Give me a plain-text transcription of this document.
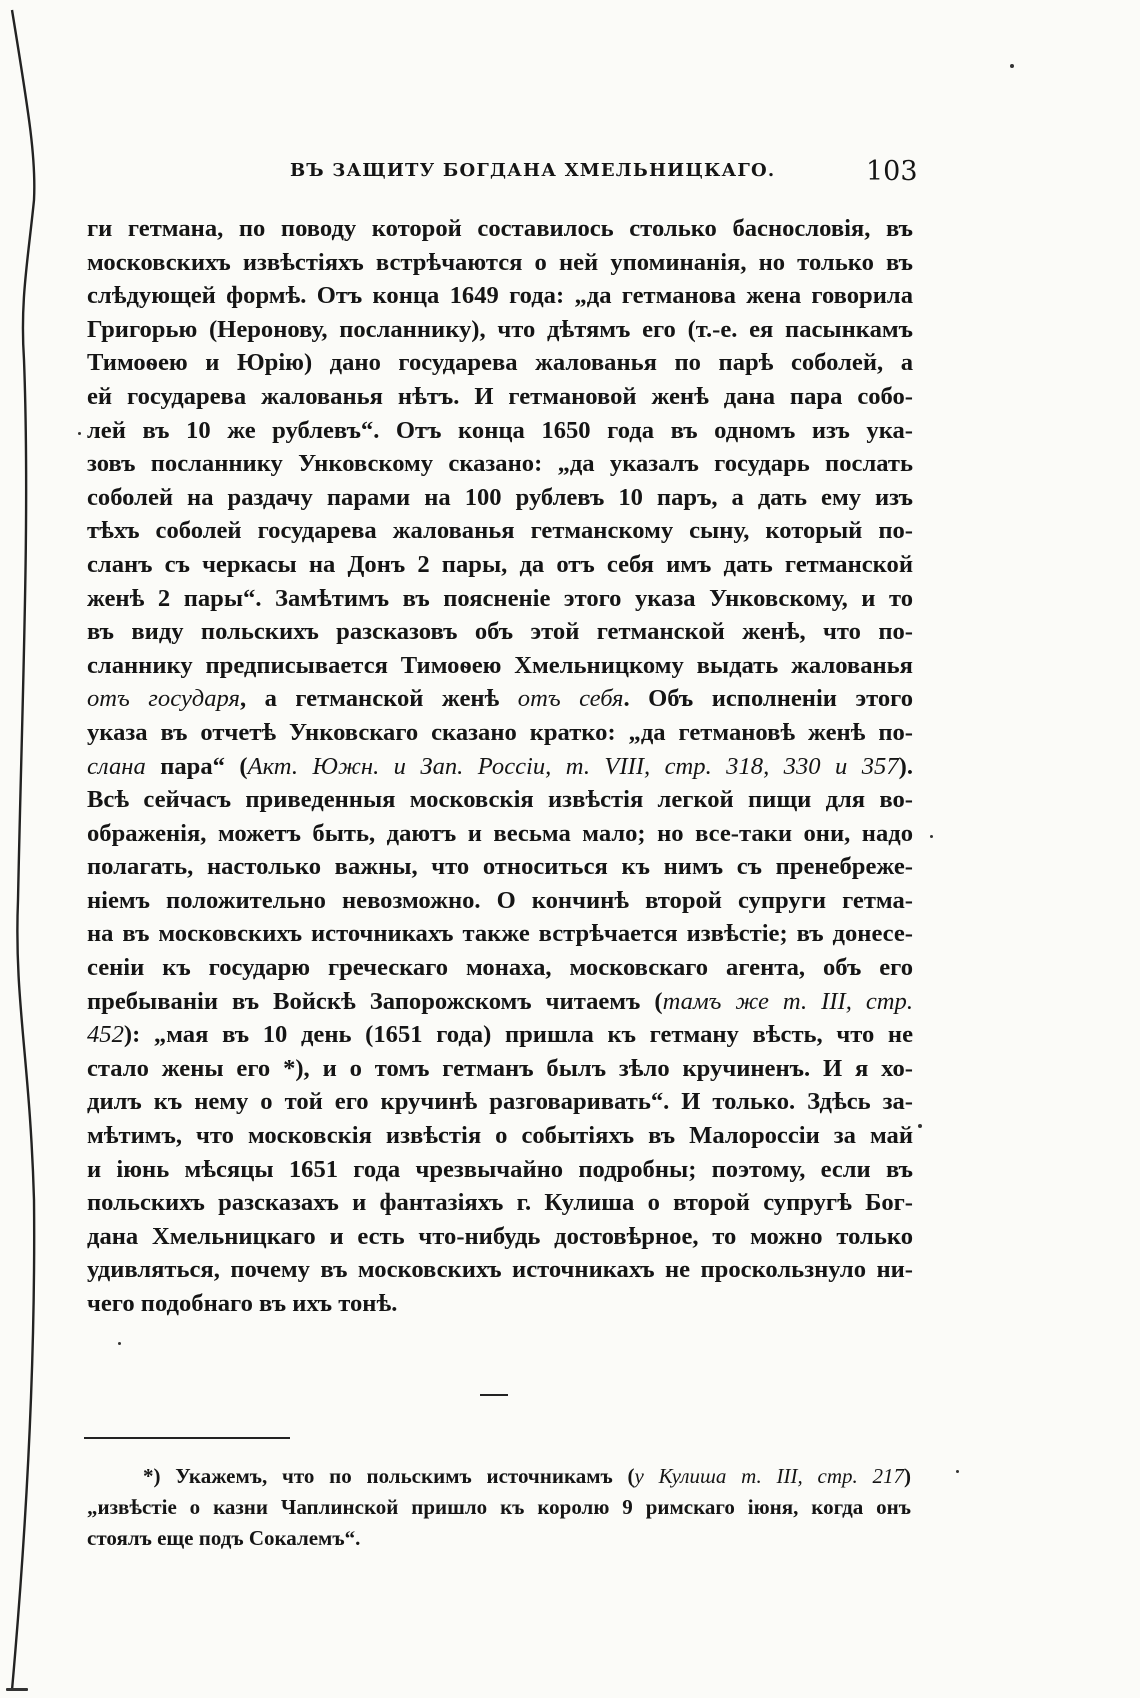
ВЪ ЗАЩИТУ БОГДАНА ХМЕЛЬНИЦКАГО.	103
ги гетмана, по поводу которой составилось столько баснословія, въ
московскихъ извѣстіяхъ встрѣчаются о ней упоминанія, но только въ
слѣдующей формѣ. Отъ конца 1649 года: „да гетманова жена говорила
Григорью (Неронову, посланнику), что дѣтямъ его (т.-е. ея пасынкамъ
Тимоѳею и Юрію) дано государева жалованья по парѣ соболей, а
ей государева жалованья нѣтъ. И гетмановой женѣ дана пара собо-
лей въ 10 же рублевъ“. Отъ конца 1650 года въ одномъ изъ ука-
зовъ посланнику Унковскому сказано: „да указалъ государь послать
соболей на раздачу парами на 100 рублевъ 10 паръ, а дать ему изъ
тѣхъ соболей государева жалованья гетманскому сыну, который по-
сланъ съ черкасы на Донъ 2 пары, да отъ себя имъ дать гетманской
женѣ 2 пары“. Замѣтимъ въ поясненіе этого указа Унковскому, и то
въ виду польскихъ разсказовъ объ этой гетманской женѣ, что по-
сланнику предписывается Тимоѳею Хмельницкому выдать жалованья
отъ государя, а гетманской женѣ отъ себя. Объ исполненіи этого
указа въ отчетѣ Унковскаго сказано кратко: „да гетмановѣ женѣ по-
слана пара“ (Акт. Южн. и Зап. Россіи, т. VIII, стр. 318, 330 и 357).
Всѣ сейчасъ приведенныя московскія извѣстія легкой пищи для во-
ображенія, можетъ быть, даютъ и весьма мало; но все-таки они, надо
полагать, настолько важны, что относиться къ нимъ съ пренебреже-
ніемъ положительно невозможно. О кончинѣ второй супруги гетма-
на въ московскихъ источникахъ также встрѣчается извѣстіе; въ донесе-
сеніи къ государю греческаго монаха, московскаго агента, объ его
пребываніи въ Войскѣ Запорожскомъ читаемъ (тамъ же т. III, стр.
452): „мая въ 10 день (1651 года) пришла къ гетману вѣсть, что не
стало жены его *), и о томъ гетманъ былъ зѣло кручиненъ. И я хо-
дилъ къ нему о той его кручинѣ разговаривать“. И только. Здѣсь за-
мѣтимъ, что московскія извѣстія о событіяхъ въ Малороссіи за май
и іюнь мѣсяцы 1651 года чрезвычайно подробны; поэтому, если въ
польскихъ разсказахъ и фантазіяхъ г. Кулиша о второй супругѣ Бог-
дана Хмельницкаго и есть что-нибудь достовѣрное, то можно только
удивляться, почему въ московскихъ источникахъ не проскользнуло ни-
чего подобнаго въ ихъ тонѣ.
*) Укажемъ, что по польскимъ источникамъ (у Кулиша т. III, стр. 217)
„извѣстіе о казни Чаплинской пришло къ королю 9 римскаго іюня, когда онъ
стоялъ еще подъ Сокалемъ“.
